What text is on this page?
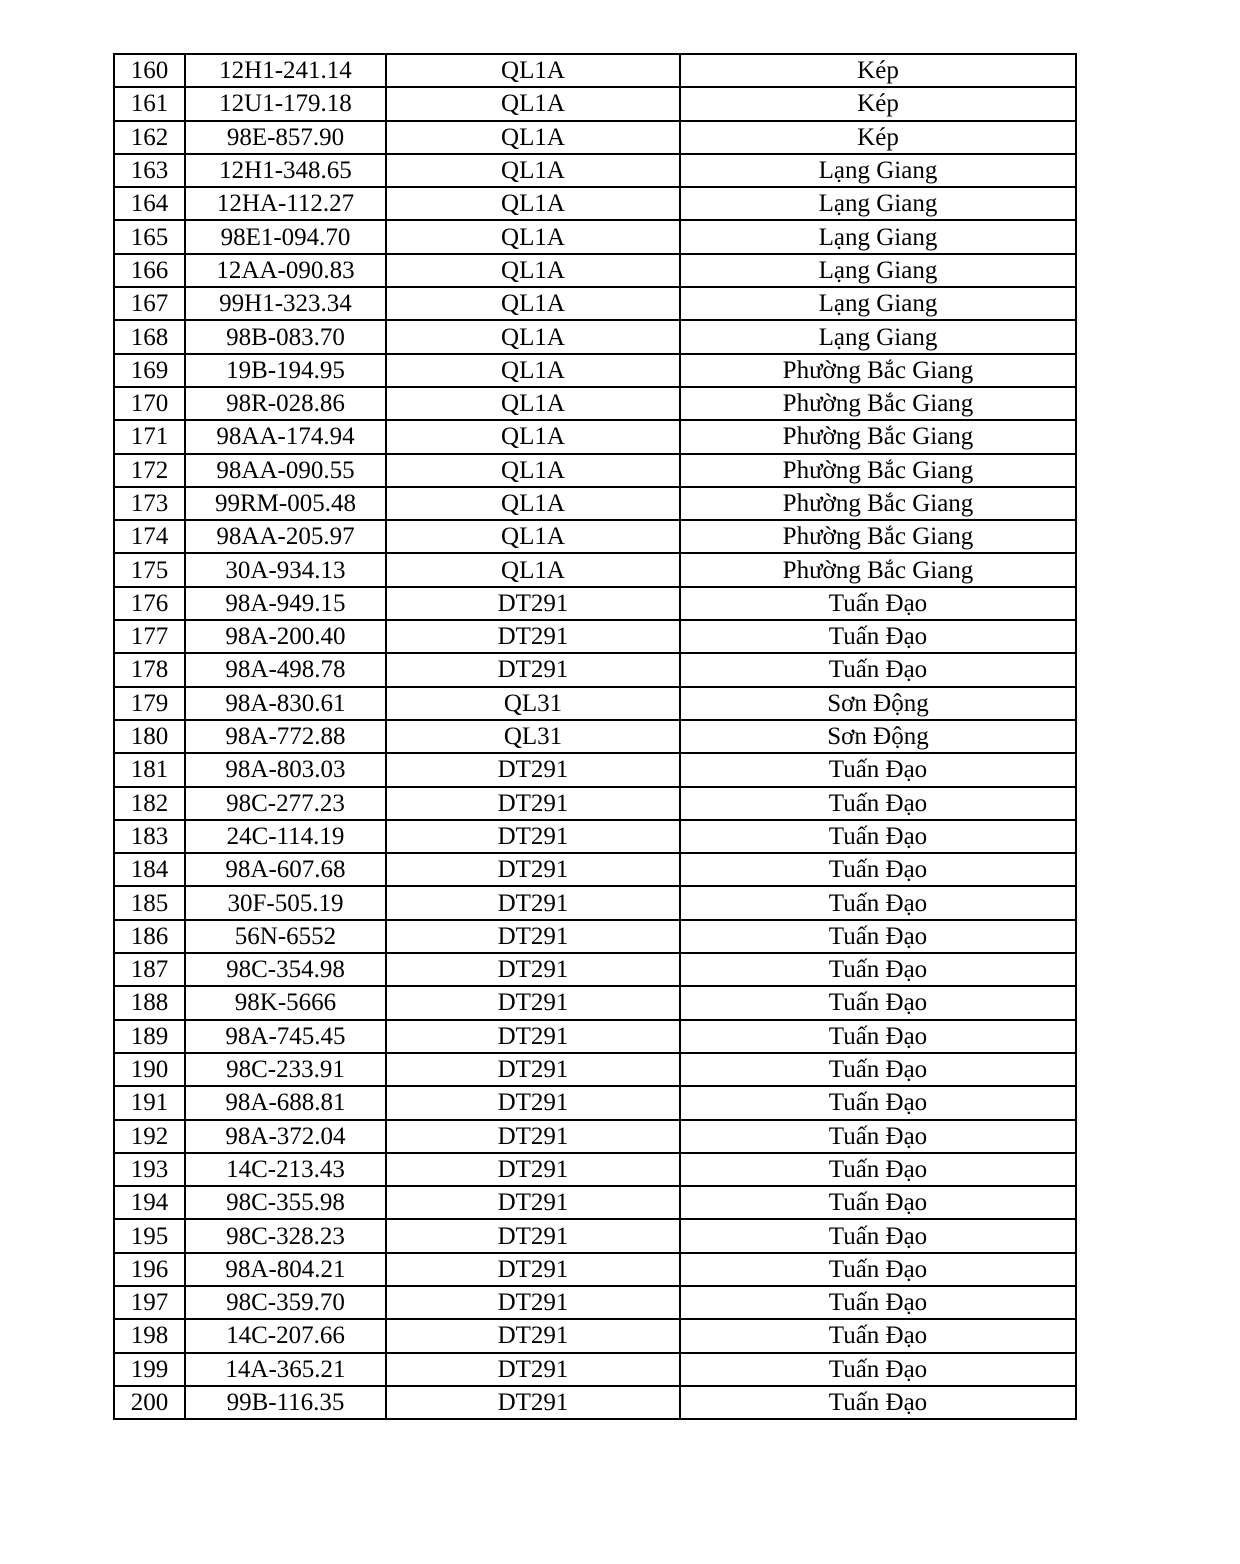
160	12H1-241.14	QL1A	Kép
161	12U1-179.18	QL1A	Kép
162	98E-857.90	QL1A	Kép
163	12H1-348.65	QL1A	Lạng Giang
164	12HA-112.27	QL1A	Lạng Giang
165	98E1-094.70	QL1A	Lạng Giang
166	12AA-090.83	QL1A	Lạng Giang
167	99H1-323.34	QL1A	Lạng Giang
168	98B-083.70	QL1A	Lạng Giang
169	19B-194.95	QL1A	Phường Bắc Giang
170	98R-028.86	QL1A	Phường Bắc Giang
171	98AA-174.94	QL1A	Phường Bắc Giang
172	98AA-090.55	QL1A	Phường Bắc Giang
173	99RM-005.48	QL1A	Phường Bắc Giang
174	98AA-205.97	QL1A	Phường Bắc Giang
175	30A-934.13	QL1A	Phường Bắc Giang
176	98A-949.15	DT291	Tuấn Đạo
177	98A-200.40	DT291	Tuấn Đạo
178	98A-498.78	DT291	Tuấn Đạo
179	98A-830.61	QL31	Sơn Động
180	98A-772.88	QL31	Sơn Động
181	98A-803.03	DT291	Tuấn Đạo
182	98C-277.23	DT291	Tuấn Đạo
183	24C-114.19	DT291	Tuấn Đạo
184	98A-607.68	DT291	Tuấn Đạo
185	30F-505.19	DT291	Tuấn Đạo
186	56N-6552	DT291	Tuấn Đạo
187	98C-354.98	DT291	Tuấn Đạo
188	98K-5666	DT291	Tuấn Đạo
189	98A-745.45	DT291	Tuấn Đạo
190	98C-233.91	DT291	Tuấn Đạo
191	98A-688.81	DT291	Tuấn Đạo
192	98A-372.04	DT291	Tuấn Đạo
193	14C-213.43	DT291	Tuấn Đạo
194	98C-355.98	DT291	Tuấn Đạo
195	98C-328.23	DT291	Tuấn Đạo
196	98A-804.21	DT291	Tuấn Đạo
197	98C-359.70	DT291	Tuấn Đạo
198	14C-207.66	DT291	Tuấn Đạo
199	14A-365.21	DT291	Tuấn Đạo
200	99B-116.35	DT291	Tuấn Đạo
